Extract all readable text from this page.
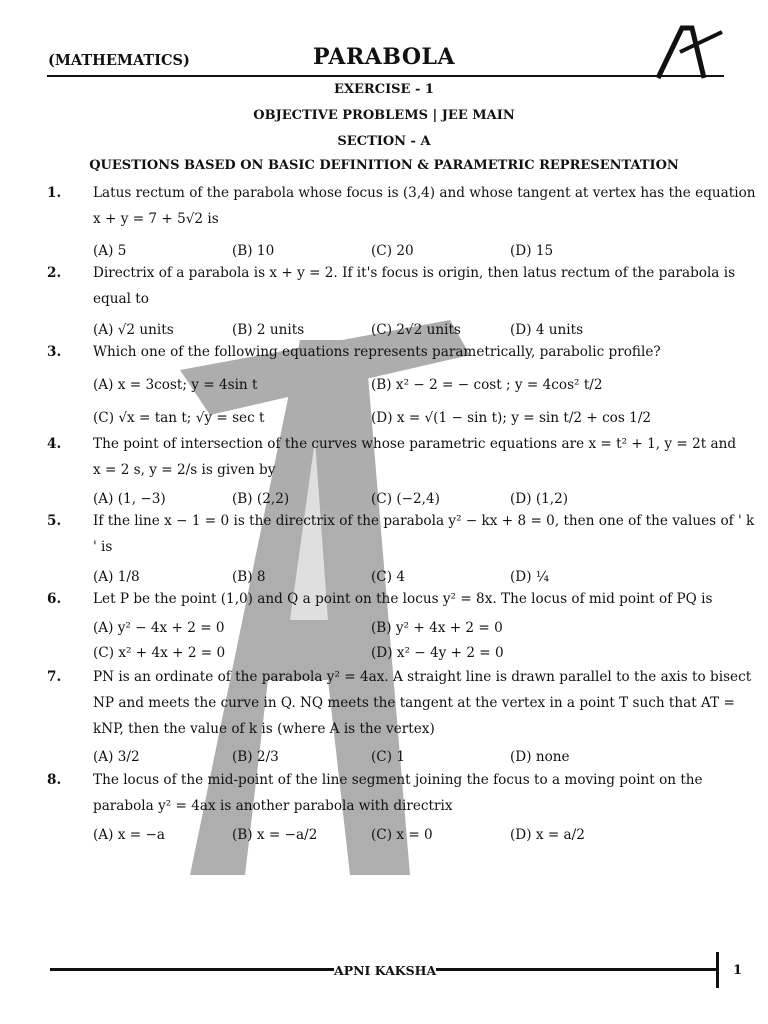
(MATHEMATICS)	PARABOLA
EXERCISE - 1
OBJECTIVE PROBLEMS | JEE MAIN
SECTION - A
QUESTIONS BASED ON BASIC DEFINITION & PARAMETRIC REPRESENTATION
1. Latus rectum of the parabola whose focus is (3,4) and whose tangent at vertex has the equation
x + y = 7 + 5√2 is
(A) 5	(B) 10	(C) 20	(D) 15
2. Directrix of a parabola is x + y = 2. If it's focus is origin, then latus rectum of the parabola is
equal to
(A) √2 units	(B) 2 units	(C) 2√2 units	(D) 4 units
3. Which one of the following equations represents parametrically, parabolic profile?
(A) x = 3cost; y = 4sin t	(B) x² − 2 = − cost ; y = 4cos² t/2
(C) √x = tan t; √y = sec t	(D) x = √(1 − sin t); y = sin t/2 + cos 1/2
4. The point of intersection of the curves whose parametric equations are x = t² + 1, y = 2t and
x = 2 s, y = 2/s is given by
(A) (1, −3)	(B) (2,2)	(C) (−2,4)	(D) (1,2)
5. If the line x − 1 = 0 is the directrix of the parabola y² − kx + 8 = 0, then one of the values of ' k
' is
(A) 1/8	(B) 8	(C) 4	(D) ¼
6. Let P be the point (1,0) and Q a point on the locus y² = 8x. The locus of mid point of PQ is
(A) y² − 4x + 2 = 0	(B) y² + 4x + 2 = 0
(C) x² + 4x + 2 = 0	(D) x² − 4y + 2 = 0
7. PN is an ordinate of the parabola y² = 4ax. A straight line is drawn parallel to the axis to bisect
NP and meets the curve in Q. NQ meets the tangent at the vertex in a point T such that AT =
kNP, then the value of k is (where A is the vertex)
(A) 3/2	(B) 2/3	(C) 1	(D) none
8. The locus of the mid-point of the line segment joining the focus to a moving point on the
parabola y² = 4ax is another parabola with directrix
(A) x = −a	(B) x = −a/2	(C) x = 0	(D) x = a/2
APNI KAKSHA	1
